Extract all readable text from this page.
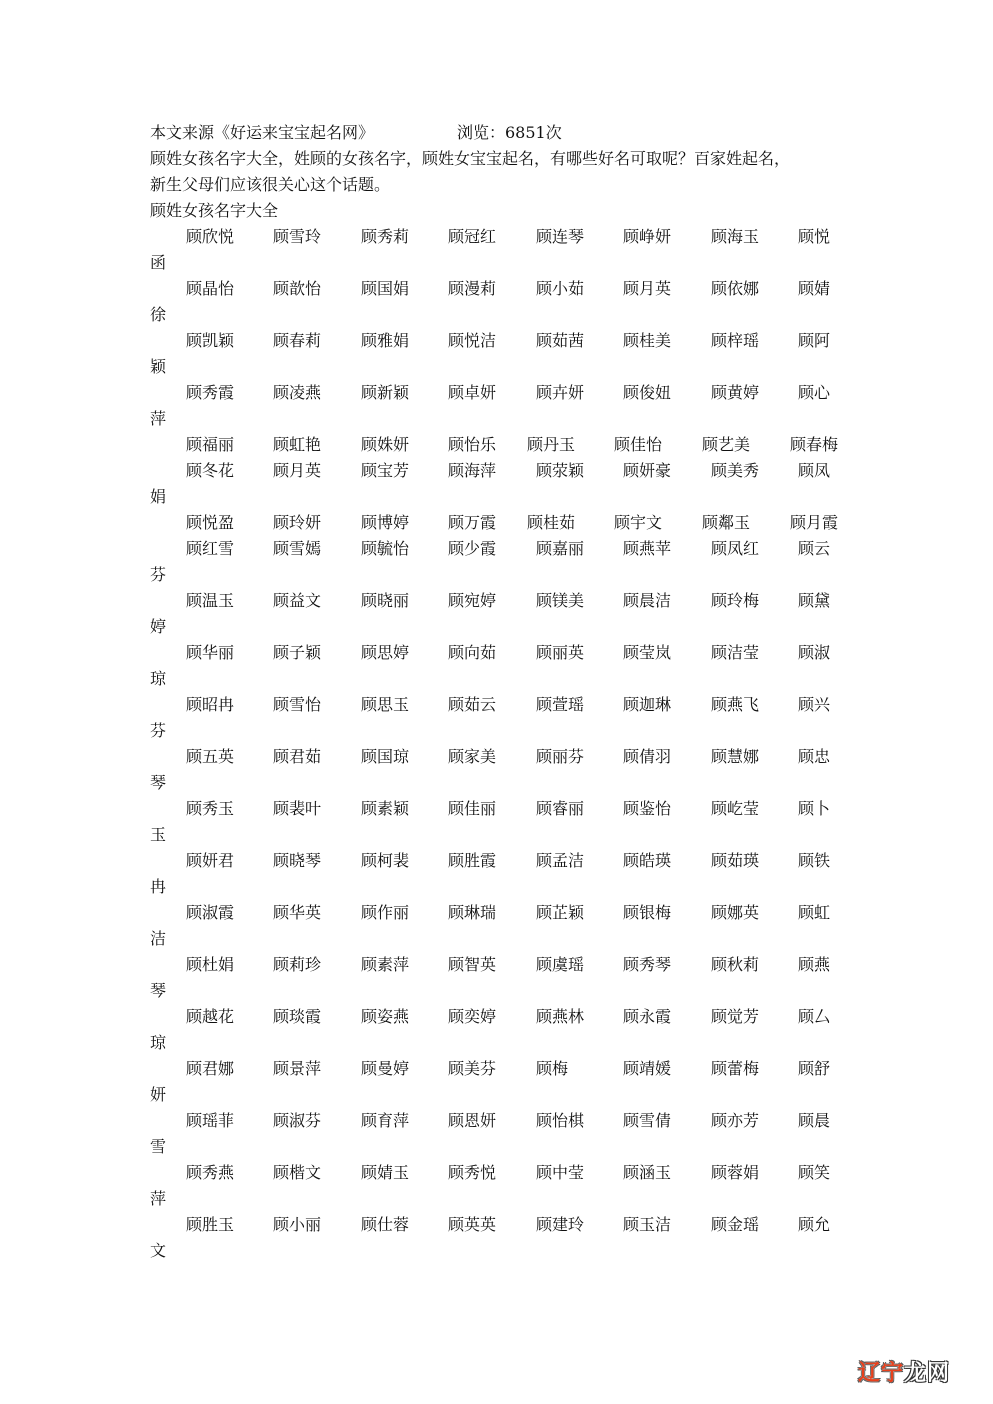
本文来源《好运来宝宝起名网》	浏览：6851次
顾姓女孩名字大全，姓顾的女孩名字，顾姓女宝宝起名，有哪些好名可取呢？百家姓起名，
新生父母们应该很关心这个话题。
顾姓女孩名字大全
顾欣悦 顾雪玲 顾秀莉 顾冠红 顾连琴 顾峥妍 顾海玉	顾悦函
顾晶怡 顾歆怡 顾国娟 顾漫莉 顾小茹 顾月英 顾依娜	顾婧徐
顾凯颖 顾春莉 顾雅娟 顾悦洁 顾茹茜 顾桂美 顾梓瑶	顾阿颖
顾秀霞 顾凌燕 顾新颖 顾卓妍 顾卉妍 顾俊妞 顾黄婷	顾心萍
顾福丽 顾虹艳 顾姝妍 顾怡乐 顾丹玉 顾佳怡 顾艺美 顾春梅
顾冬花 顾月英 顾宝芳 顾海萍 顾荥颖 顾妍豪 顾美秀	顾凤娟
顾悦盈 顾玲妍 顾博婷 顾万霞 顾桂茹 顾宇文 顾鄰玉 顾月霞
顾红雪 顾雪嫣 顾毓怡 顾少霞 顾嘉丽 顾燕苹 顾凤红	顾云芬
顾温玉 顾益文 顾晓丽 顾宛婷 顾镁美 顾晨洁 顾玲梅	顾黛婷
顾华丽 顾子颖 顾思婷 顾向茹 顾丽英 顾莹岚 顾洁莹	顾淑琼
顾昭冉 顾雪怡 顾思玉 顾茹云 顾萱瑶 顾迦琳 顾燕飞	顾兴芬
顾五英 顾君茹 顾国琼 顾家美 顾丽芬 顾倩羽 顾慧娜	顾忠琴
顾秀玉 顾裴叶 顾素颖 顾佳丽 顾睿丽 顾鉴怡 顾屹莹	顾卜玉
顾妍君 顾晓琴 顾柯裴 顾胜霞 顾孟洁 顾皓瑛 顾茹瑛	顾铁冉
顾淑霞 顾华英 顾作丽 顾琳瑞 顾芷颖 顾银梅 顾娜英	顾虹洁
顾杜娟 顾莉珍 顾素萍 顾智英 顾虞瑶 顾秀琴 顾秋莉	顾燕琴
顾越花 顾琰霞 顾姿燕 顾奕婷 顾燕林 顾永霞 顾觉芳	顾厶琼
顾君娜 顾景萍 顾曼婷 顾美芬 顾梅	顾靖媛 顾蕾梅	顾舒妍
顾瑶菲 顾淑芬 顾育萍 顾恩妍 顾怡棋 顾雪倩 顾亦芳	顾晨雪
顾秀燕 顾楷文 顾婧玉 顾秀悦 顾中莹 顾涵玉 顾蓉娟	顾笑萍
顾胜玉 顾小丽 顾仕蓉 顾英英 顾建玲 顾玉洁 顾金瑶	顾允文
辽宁龙网
